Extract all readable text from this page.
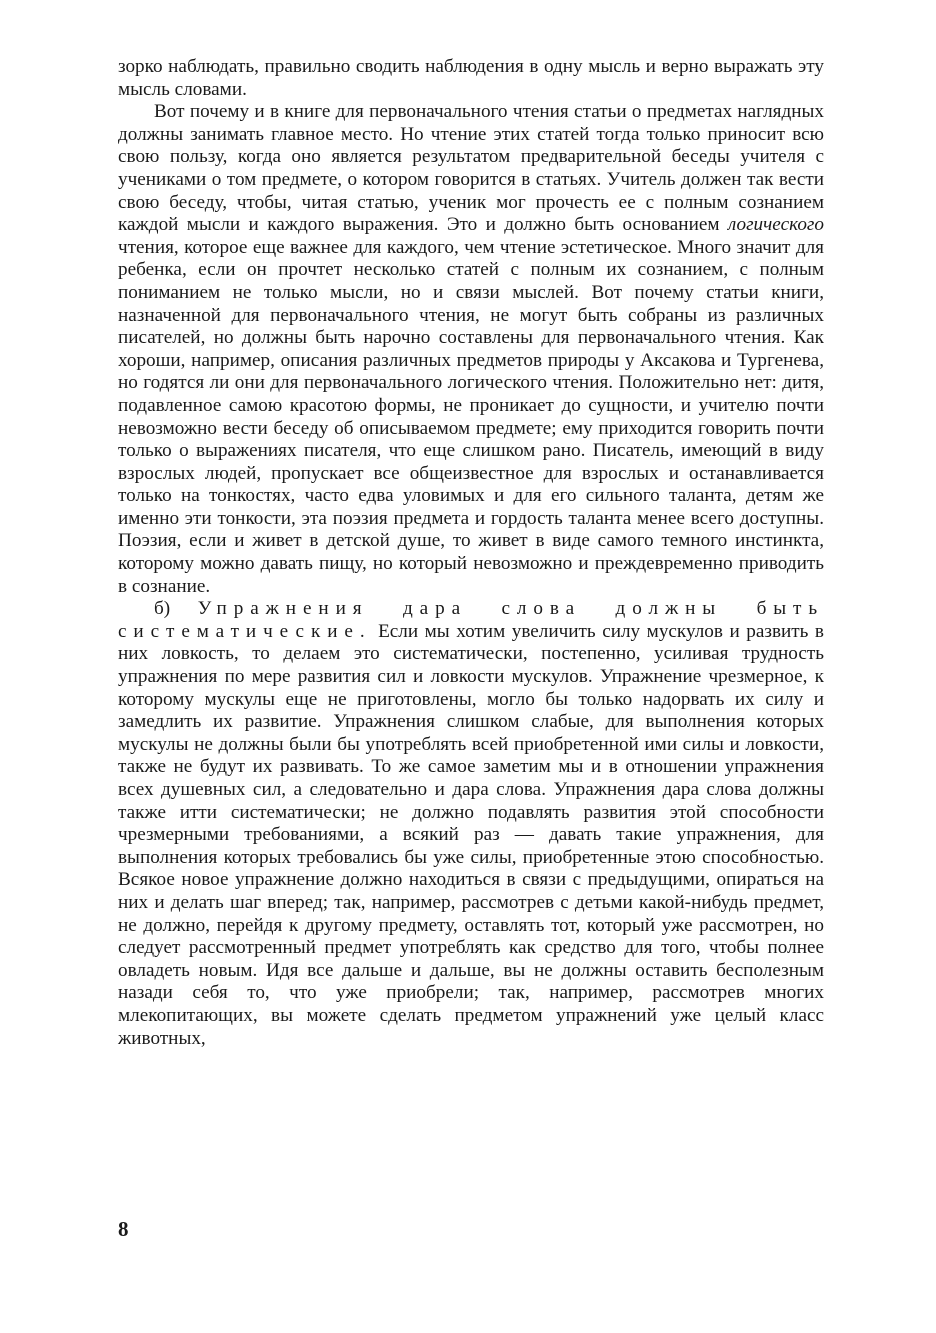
зорко наблюдать, правильно сводить наблюдения в одну мысль и верно выражать эту мысль словами.

Вот почему и в книге для первоначального чтения статьи о предметах наглядных должны занимать главное место. Но чтение этих статей тогда только приносит всю свою пользу, когда оно является результатом предварительной беседы учителя с учениками о том предмете, о котором говорится в статьях. Учитель должен так вести свою беседу, чтобы, читая статью, ученик мог прочесть ее с полным сознанием каждой мысли и каждого выражения. Это и должно быть основанием логического чтения, которое еще важнее для каждого, чем чтение эстетическое. Много значит для ребенка, если он прочтет несколько статей с полным их сознанием, с полным пониманием не только мысли, но и связи мыслей. Вот почему статьи книги, назначенной для первоначального чтения, не могут быть собраны из различных писателей, но должны быть нарочно составлены для первоначального чтения. Как хороши, например, описания различных предметов природы у Аксакова и Тургенева, но годятся ли они для первоначального логического чтения. Положительно нет: дитя, подавленное самою красотою формы, не проникает до сущности, и учителю почти невозможно вести беседу об описываемом предмете; ему приходится говорить почти только о выражениях писателя, что еще слишком рано. Писатель, имеющий в виду взрослых людей, пропускает все общеизвестное для взрослых и останавливается только на тонкостях, часто едва уловимых и для его сильного таланта, детям же именно эти тонкости, эта поэзия предмета и гордость таланта менее всего доступны. Поэзия, если и живет в детской душе, то живет в виде самого темного инстинкта, которому можно давать пищу, но который невозможно и преждевременно приводить в сознание.

б) Упражнения дара слова должны быть систематические. Если мы хотим увеличить силу мускулов и развить в них ловкость, то делаем это систематически, постепенно, усиливая трудность упражнения по мере развития сил и ловкости мускулов. Упражнение чрезмерное, к которому мускулы еще не приготовлены, могло бы только надорвать их силу и замедлить их развитие. Упражнения слишком слабые, для выполнения которых мускулы не должны были бы употреблять всей приобретенной ими силы и ловкости, также не будут их развивать. То же самое заметим мы и в отношении упражнения всех душевных сил, а следовательно и дара слова. Упражнения дара слова должны также итти систематически; не должно подавлять развития этой способности чрезмерными требованиями, а всякий раз — давать такие упражнения, для выполнения которых требовались бы уже силы, приобретенные этою способностью. Всякое новое упражнение должно находиться в связи с предыдущими, опираться на них и делать шаг вперед; так, например, рассмотрев с детьми какой-нибудь предмет, не должно, перейдя к другому предмету, оставлять тот, который уже рассмотрен, но следует рассмотренный предмет употреблять как средство для того, чтобы полнее овладеть новым. Идя все дальше и дальше, вы не должны оставить бесполезным назади себя то, что уже приобрели; так, например, рассмотрев многих млекопитающих, вы можете сделать предметом упражнений уже целый класс животных,

8
